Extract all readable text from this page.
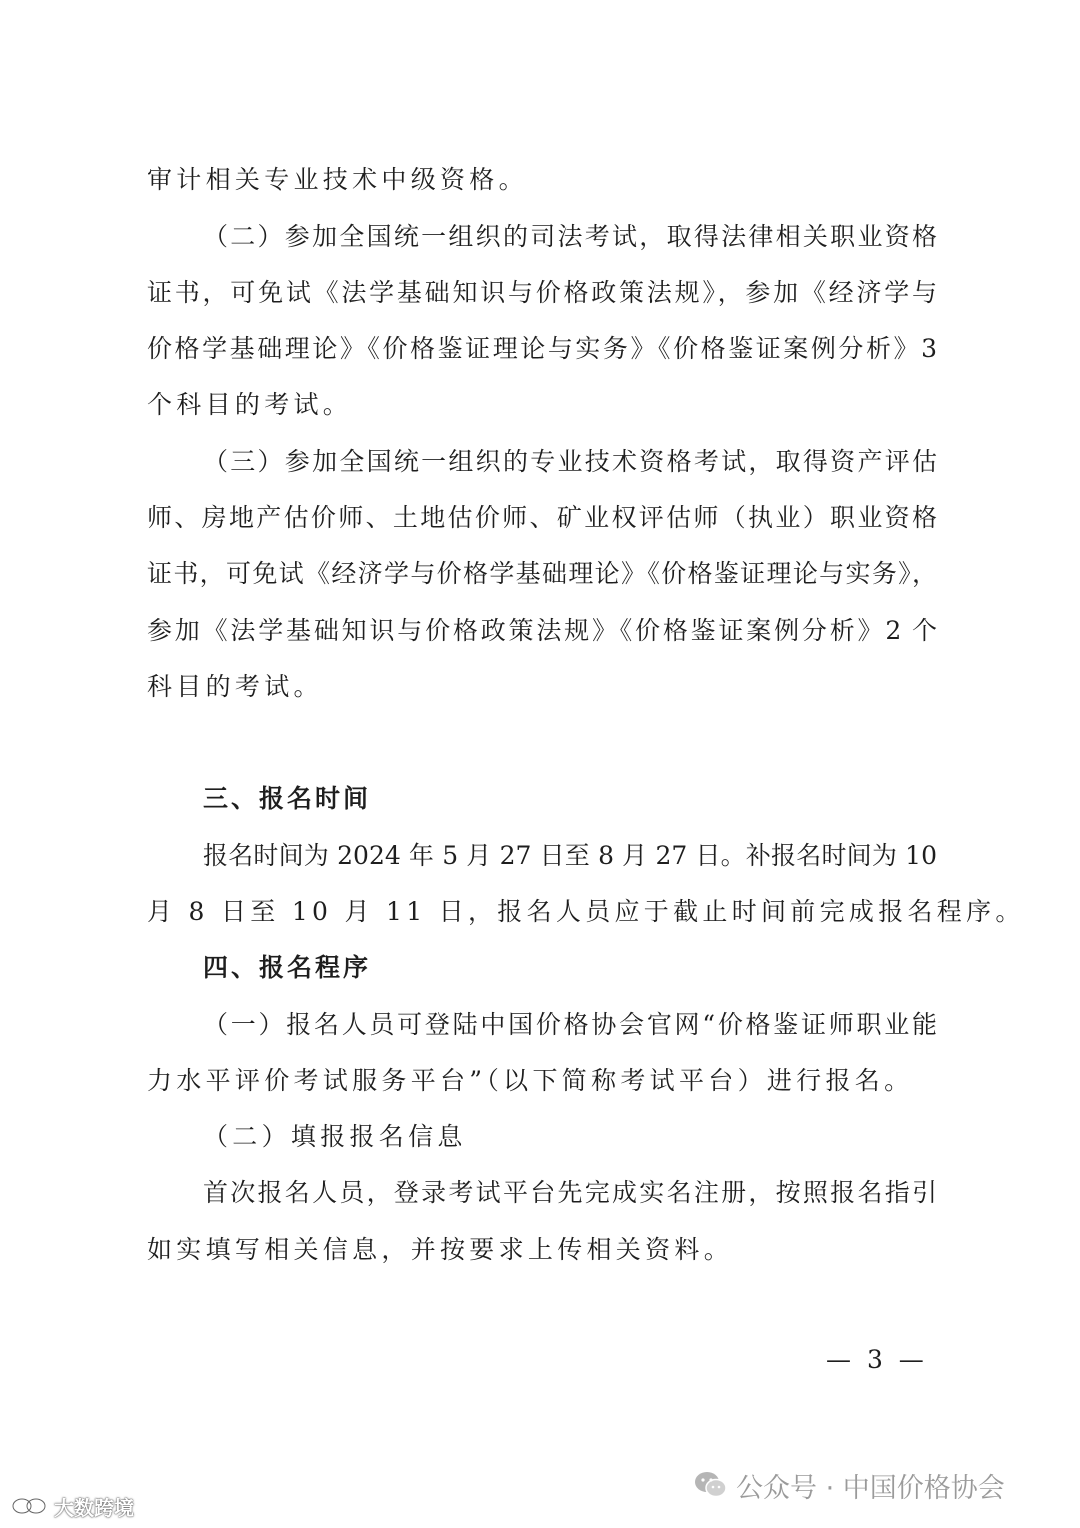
审计相关专业技术中级资格。
（二）参加全国统一组织的司法考试，取得法律相关职业资格
证书，可免试《法学基础知识与价格政策法规》，参加《经济学与
价格学基础理论》《价格鉴证理论与实务》《价格鉴证案例分析》3
个科目的考试。
（三）参加全国统一组织的专业技术资格考试，取得资产评估
师、房地产估价师、土地估价师、矿业权评估师（执业）职业资格
证书，可免试《经济学与价格学基础理论》《价格鉴证理论与实务》，
参加《法学基础知识与价格政策法规》《价格鉴证案例分析》2 个
科目的考试。
三、报名时间
报名时间为 2024 年 5 月 27 日至 8 月 27 日。补报名时间为 10
月 8 日至 10 月 11 日，报名人员应于截止时间前完成报名程序。
四、报名程序
（一）报名人员可登陆中国价格协会官网“价格鉴证师职业能
力水平评价考试服务平台”（以下简称考试平台）进行报名。
（二）填报报名信息
首次报名人员，登录考试平台先完成实名注册，按照报名指引
如实填写相关信息，并按要求上传相关资料。
— 3 —
公众号 · 中国价格协会
大数跨境
